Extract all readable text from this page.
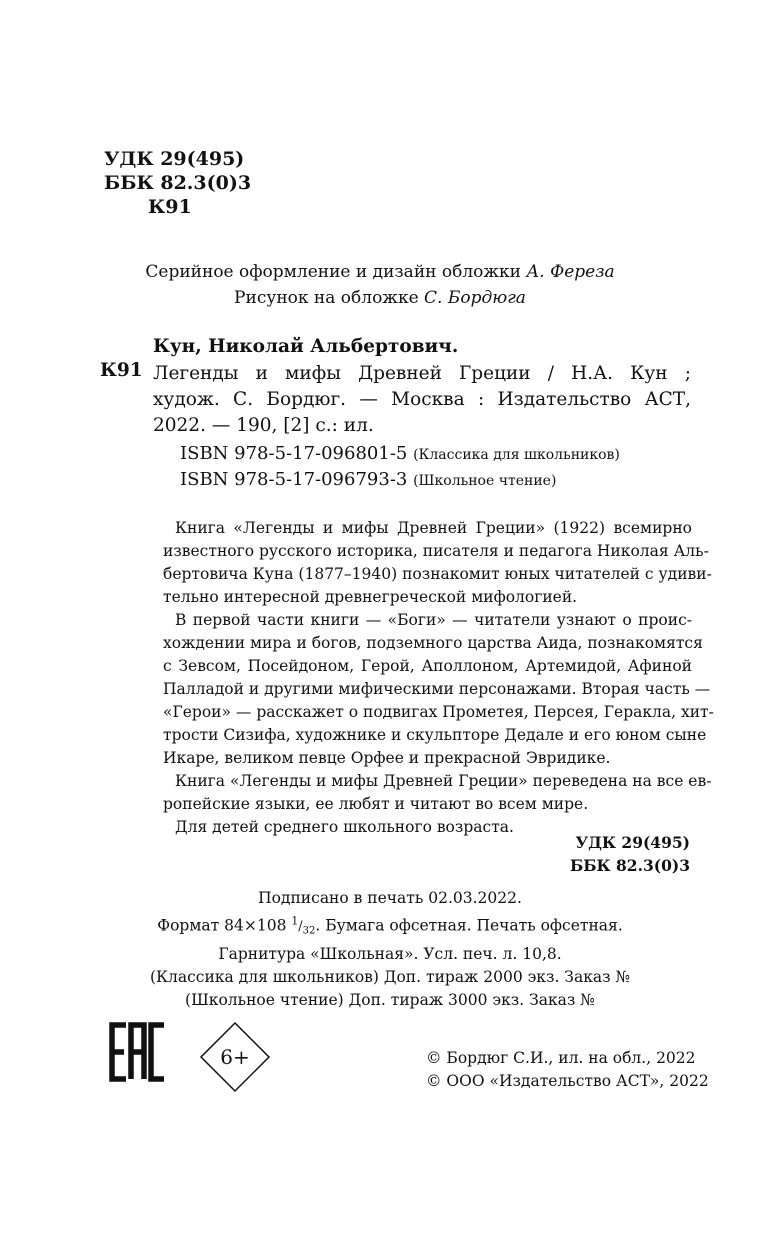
УДК 29(495)
ББК 82.3(0)3
К91
Серийное оформление и дизайн обложки А. Фереза
Рисунок на обложке С. Бордюга
К91
Кун, Николай Альбертович.
Легенды и мифы Древней Греции / Н.А. Кун ;
худож. С. Бордюг. — Москва : Издательство АСТ,
2022. — 190, [2] с.: ил.
ISBN 978-5-17-096801-5 (Классика для школьников)
ISBN 978-5-17-096793-3 (Школьное чтение)
Книга «Легенды и мифы Древней Греции» (1922) всемирно
известного русского историка, писателя и педагога Николая Аль-
бертовича Куна (1877–1940) познакомит юных читателей с удиви-
тельно интересной древнегреческой мифологией.
В первой части книги — «Боги» — читатели узнают о проис-
хождении мира и богов, подземного царства Аида, познакомятся
с Зевсом, Посейдоном, Герой, Аполлоном, Артемидой, Афиной
Палладой и другими мифическими персонажами. Вторая часть —
«Герои» — расскажет о подвигах Прометея, Персея, Геракла, хит-
трости Сизифа, художнике и скульпторе Дедале и его юном сыне
Икаре, великом певце Орфее и прекрасной Эвридике.
Книга «Легенды и мифы Древней Греции» переведена на все ев-
ропейские языки, ее любят и читают во всем мире.
Для детей среднего школьного возраста.
УДК 29(495)
ББК 82.3(0)3
Подписано в печать 02.03.2022.
Формат 84×108 $^1/_{32}$. Бумага офсетная. Печать офсетная.
Гарнитура «Школьная». Усл. печ. л. 10,8.
(Классика для школьников) Доп. тираж 2000 экз. Заказ №
(Школьное чтение) Доп. тираж 3000 экз. Заказ №
6+	© Бордюг С.И., ил. на обл., 2022
© ООО «Издательство АСТ», 2022
